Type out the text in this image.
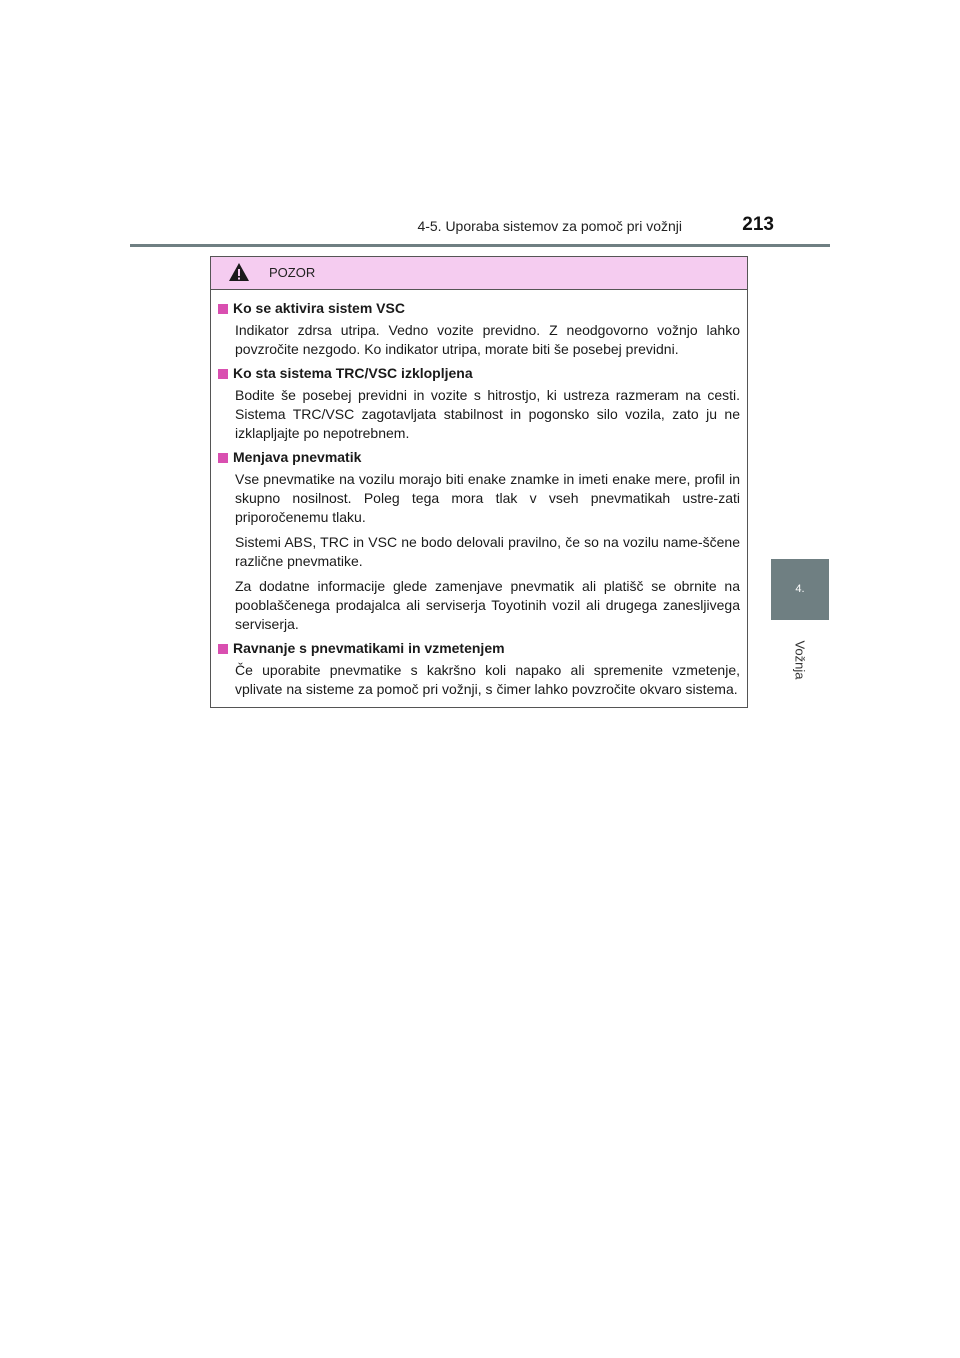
4-5. Uporaba sistemov za pomoč pri vožnji	213
4.
Vožnja
POZOR
Ko se aktivira sistem VSC
Indikator zdrsa utripa. Vedno vozite previdno. Z neodgovorno vožnjo lahko povzročite nezgodo. Ko indikator utripa, morate biti še posebej previdni.
Ko sta sistema TRC/VSC izklopljena
Bodite še posebej previdni in vozite s hitrostjo, ki ustreza razmeram na cesti. Sistema TRC/VSC zagotavljata stabilnost in pogonsko silo vozila, zato ju ne izklapljajte po nepotrebnem.
Menjava pnevmatik
Vse pnevmatike na vozilu morajo biti enake znamke in imeti enake mere, profil in skupno nosilnost. Poleg tega mora tlak v vseh pnevmatikah ustre-zati priporočenemu tlaku.
Sistemi ABS, TRC in VSC ne bodo delovali pravilno, če so na vozilu name-ščene različne pnevmatike.
Za dodatne informacije glede zamenjave pnevmatik ali platišč se obrnite na pooblaščenega prodajalca ali serviserja Toyotinih vozil ali drugega zanesljivega serviserja.
Ravnanje s pnevmatikami in vzmetenjem
Če uporabite pnevmatike s kakršno koli napako ali spremenite vzmetenje, vplivate na sisteme za pomoč pri vožnji, s čimer lahko povzročite okvaro sistema.
